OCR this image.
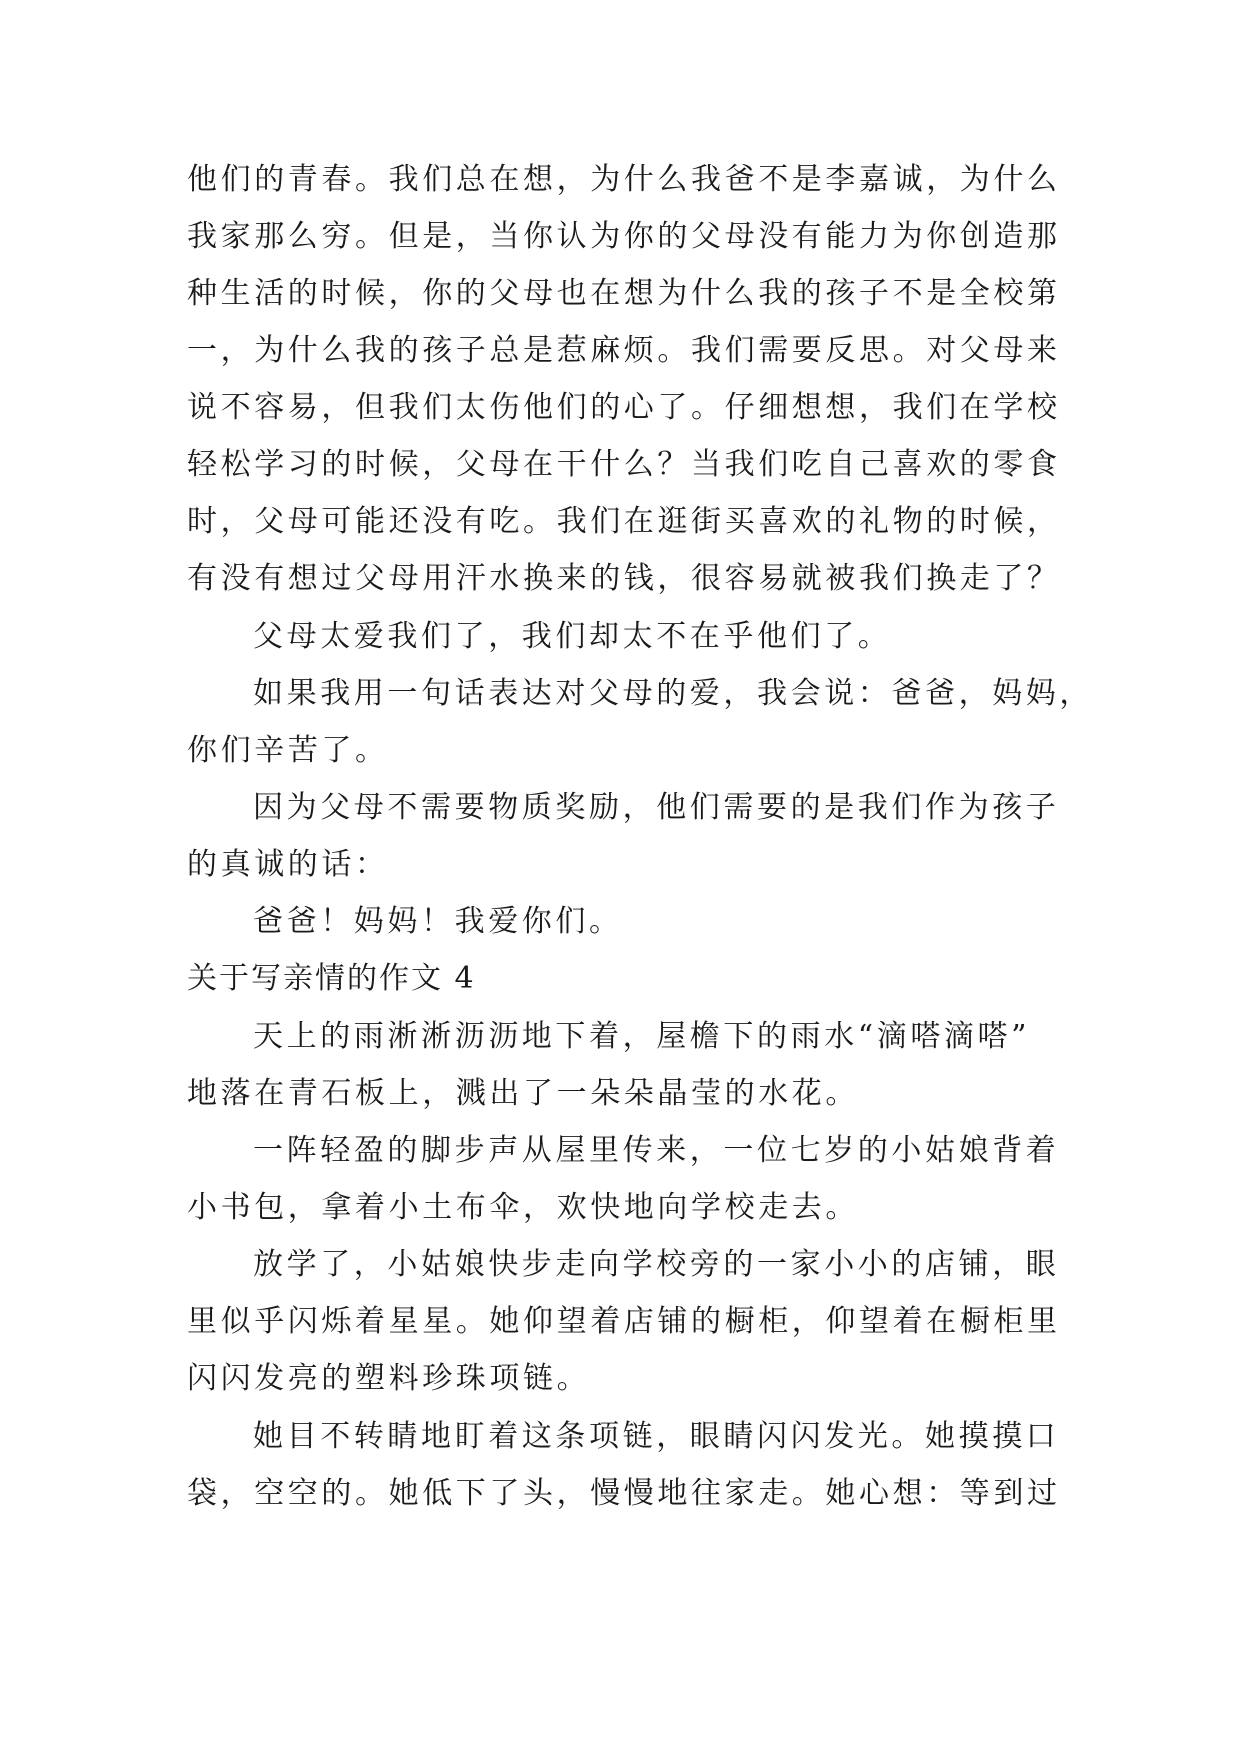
他们的青春。我们总在想，为什么我爸不是李嘉诚，为什么
我家那么穷。但是，当你认为你的父母没有能力为你创造那
种生活的时候，你的父母也在想为什么我的孩子不是全校第
一，为什么我的孩子总是惹麻烦。我们需要反思。对父母来
说不容易，但我们太伤他们的心了。仔细想想，我们在学校
轻松学习的时候，父母在干什么？当我们吃自己喜欢的零食
时，父母可能还没有吃。我们在逛街买喜欢的礼物的时候，
有没有想过父母用汗水换来的钱，很容易就被我们换走了？
父母太爱我们了，我们却太不在乎他们了。
如果我用一句话表达对父母的爱，我会说：爸爸，妈妈，
你们辛苦了。
因为父母不需要物质奖励，他们需要的是我们作为孩子
的真诚的话：
爸爸！妈妈！我爱你们。
关于写亲情的作文 4
天上的雨淅淅沥沥地下着，屋檐下的雨水“滴嗒滴嗒”
地落在青石板上，溅出了一朵朵晶莹的水花。
一阵轻盈的脚步声从屋里传来，一位七岁的小姑娘背着
小书包，拿着小土布伞，欢快地向学校走去。
放学了，小姑娘快步走向学校旁的一家小小的店铺，眼
里似乎闪烁着星星。她仰望着店铺的橱柜，仰望着在橱柜里
闪闪发亮的塑料珍珠项链。
她目不转睛地盯着这条项链，眼睛闪闪发光。她摸摸口
袋，空空的。她低下了头，慢慢地往家走。她心想：等到过
